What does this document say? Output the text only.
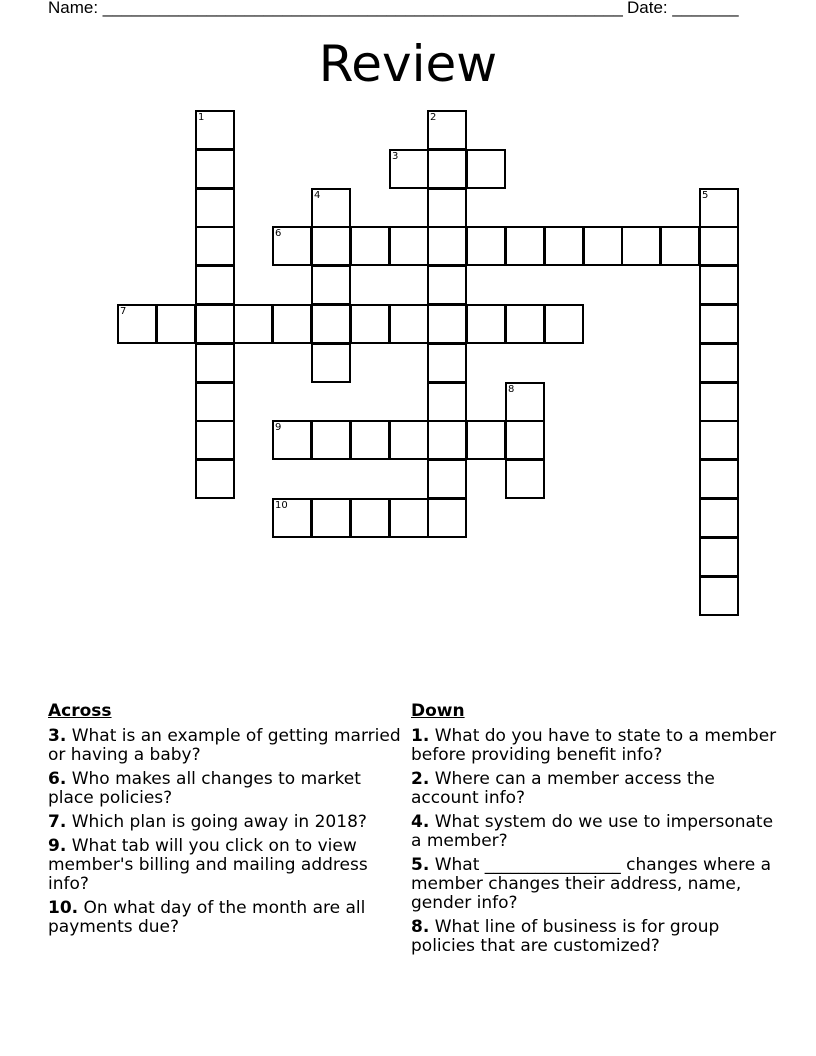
Name: _______________________________________________________ Date: _______
Review
1	2
3
4	5
6
7
8
9
10
Across
3. What is an example of getting married or having a baby?
6. Who makes all changes to market place policies?
7. Which plan is going away in 2018?
9. What tab will you click on to view member's billing and mailing address info?
10. On what day of the month are all payments due?
Down
1. What do you have to state to a member before providing benefit info?
2. Where can a member access the account info?
4. What system do we use to impersonate a member?
5. What ________________ changes where a member changes their address, name, gender info?
8. What line of business is for group policies that are customized?
